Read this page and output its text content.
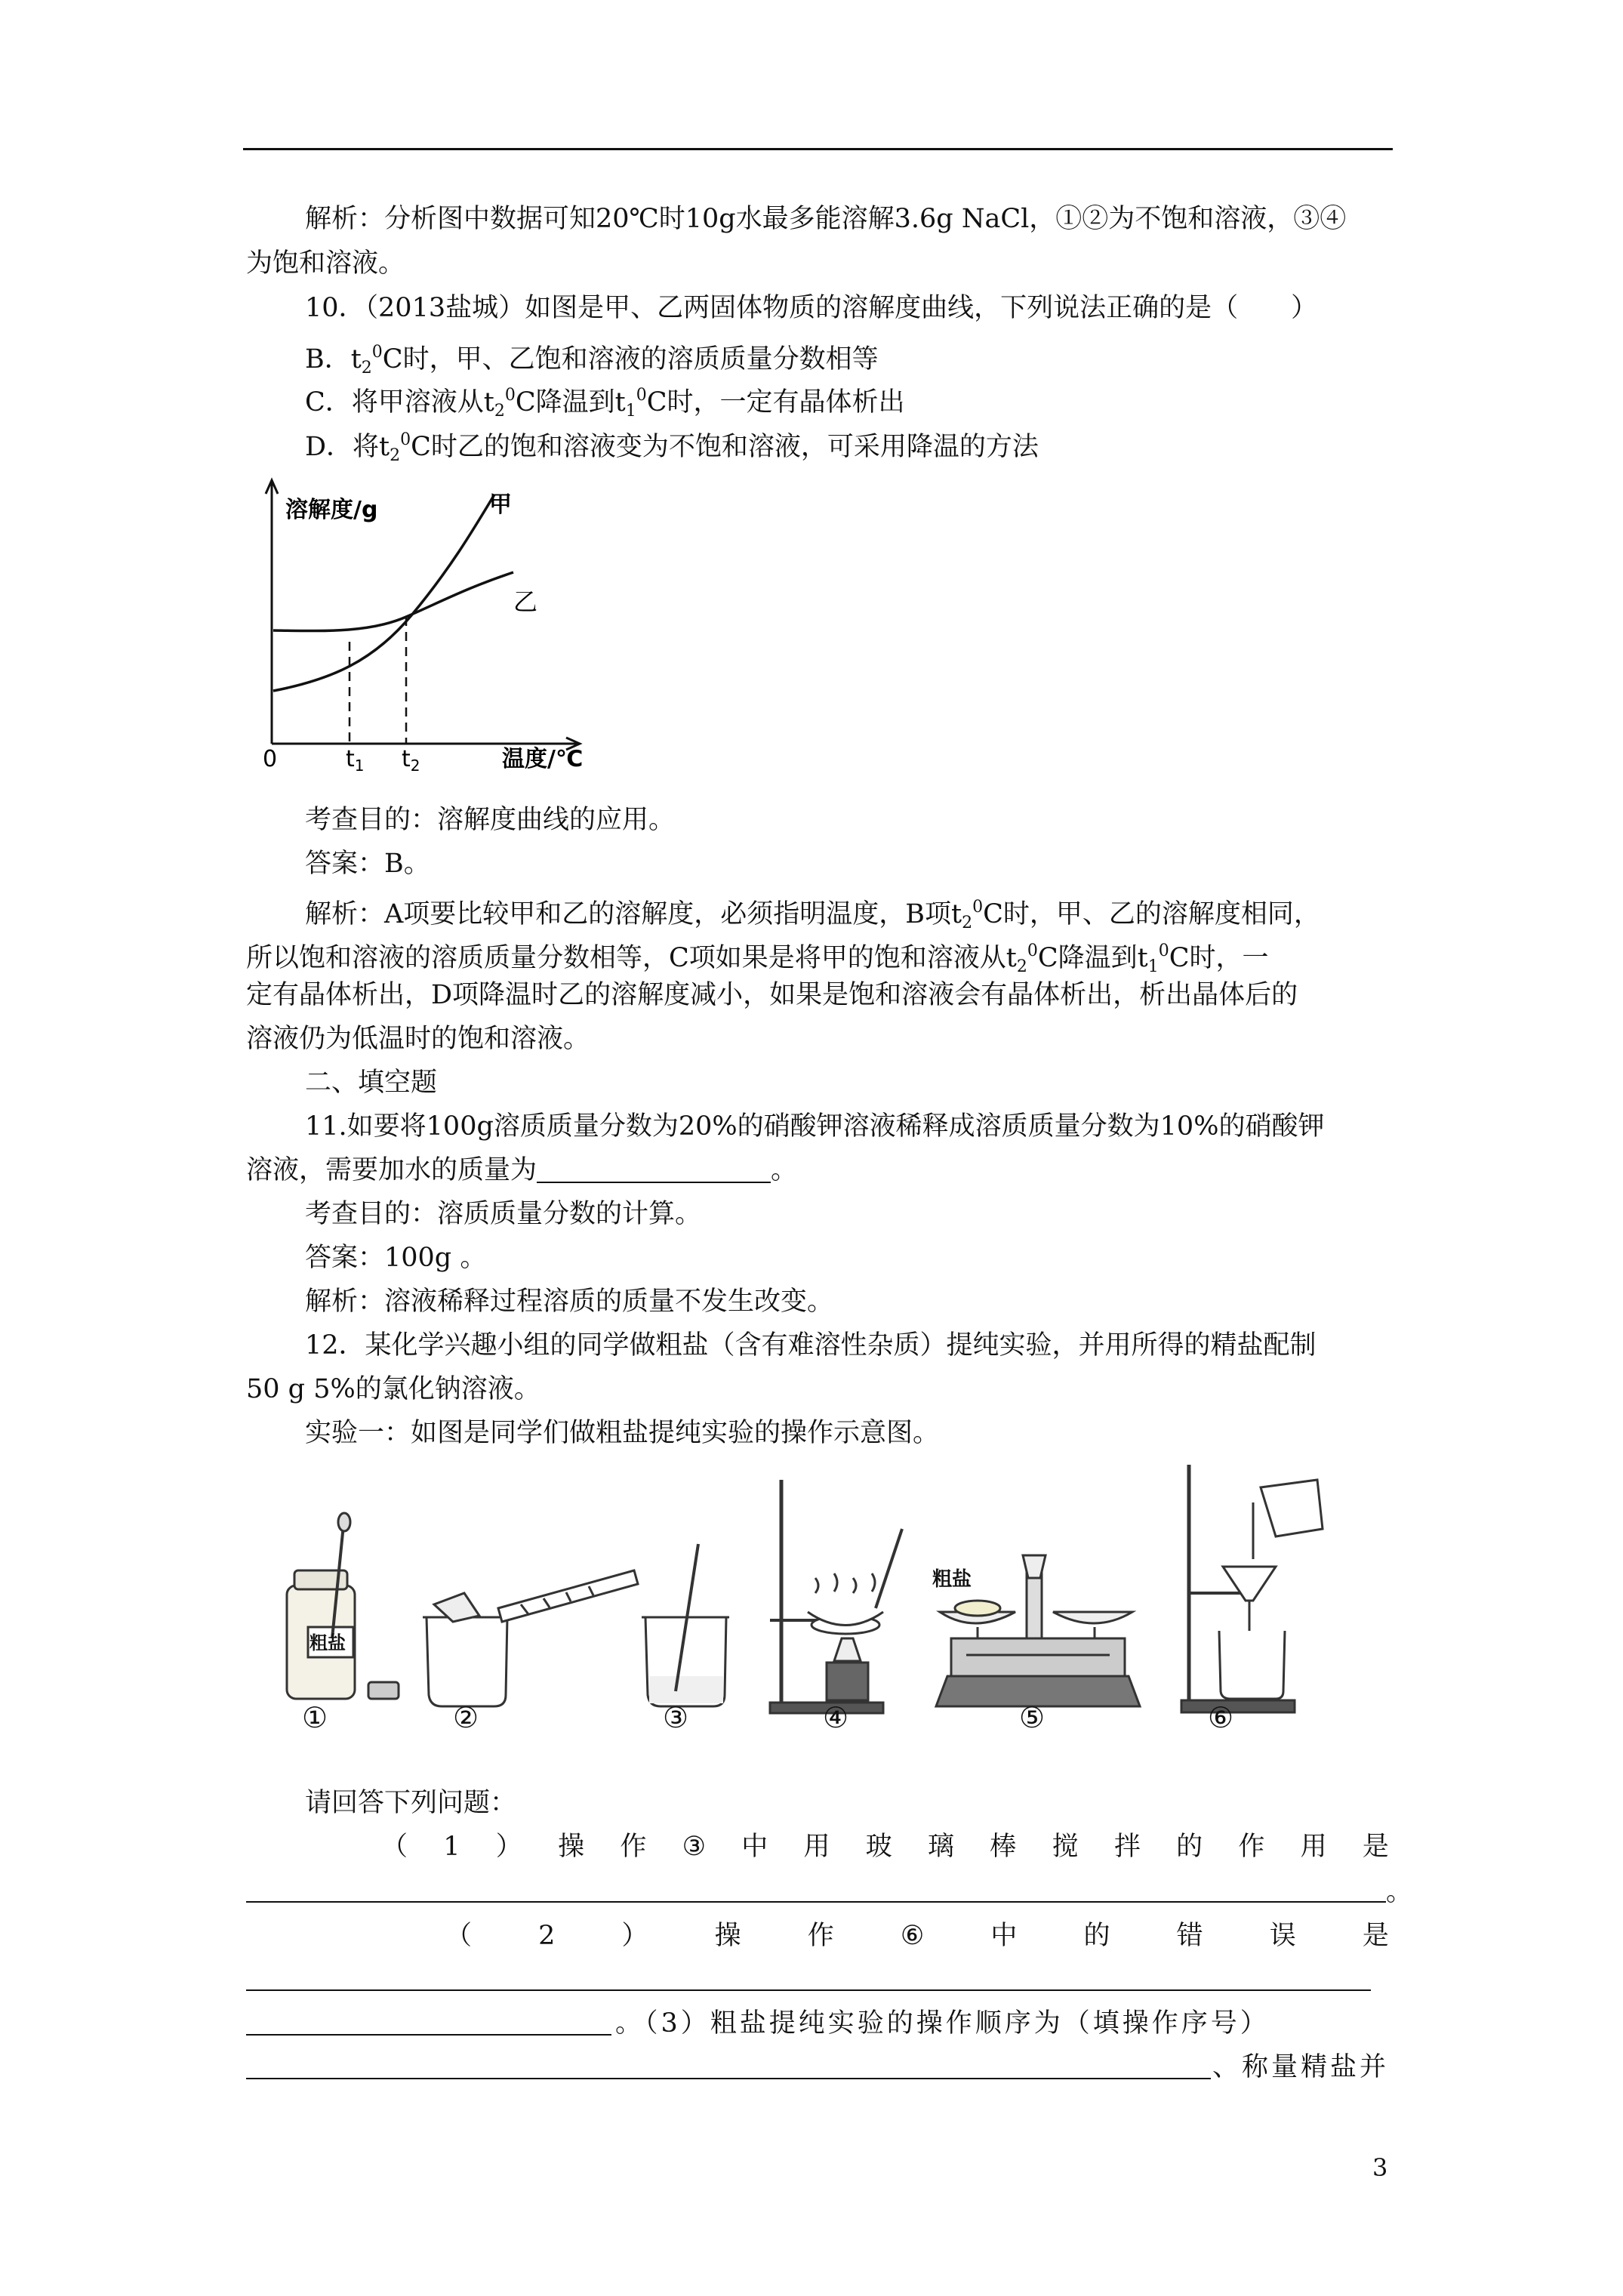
解析：分析图中数据可知20℃时10g水最多能溶解3.6g NaCl，①②为不饱和溶液，③④
为饱和溶液。
10．（2013盐城）如图是甲、乙两固体物质的溶解度曲线，下列说法正确的是（　　）
B．$t_2^0C$时，甲、乙饱和溶液的溶质质量分数相等
C．将甲溶液从$t_2^0C$降温到$t_1^0C$时，一定有晶体析出
D．将$t_2^0C$时乙的饱和溶液变为不饱和溶液，可采用降温的方法
溶解度/g	甲
乙
0	$t_1$ $t_2$	温度/℃
考查目的：溶解度曲线的应用。
答案：B。
解析：A项要比较甲和乙的溶解度，必须指明温度，B项$t_2^0C$时，甲、乙的溶解度相同，
所以饱和溶液的溶质质量分数相等，C项如果是将甲的饱和溶液从$t_2^0C$降温到$t_1^0C$时，一
定有晶体析出，D项降温时乙的溶解度减小，如果是饱和溶液会有晶体析出，析出晶体后的
溶液仍为低温时的饱和溶液。
二、填空题
11.如要将100g溶质质量分数为20%的硝酸钾溶液稀释成溶质质量分数为10%的硝酸钾
溶液，需要加水的质量为	。
考查目的：溶质质量分数的计算。
答案：100g 。
解析：溶液稀释过程溶质的质量不发生改变。
12．某化学兴趣小组的同学做粗盐（含有难溶性杂质）提纯实验，并用所得的精盐配制
50 g 5%的氯化钠溶液。
实验一：如图是同学们做粗盐提纯实验的操作示意图。
粗盐
粗盐
①	②	③	④	⑤	⑥
请回答下列问题：
（ 1 ） 操 作 ③ 中 用 玻 璃 棒 搅 拌 的 作 用 是
。
（	2	）	操	作	⑥	中	的	错	误	是
。（3）粗盐提纯实验的操作顺序为（填操作序号）
、称量精盐并
3
